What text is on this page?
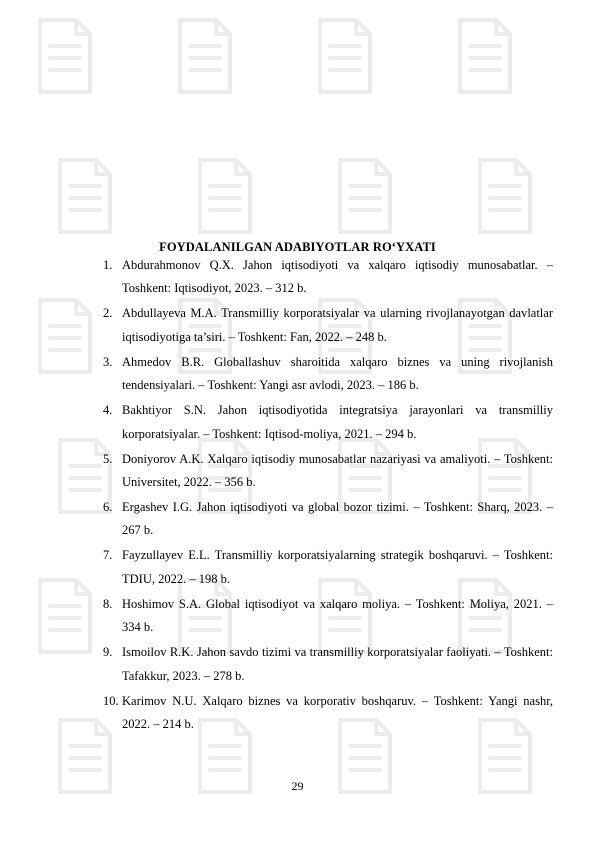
FOYDALANILGAN ADABIYOTLAR RO‘YXATI
1. Abdurahmonov Q.X. Jahon iqtisodiyoti va xalqaro iqtisodiy munosabatlar. – Toshkent: Iqtisodiyot, 2023. – 312 b.
2. Abdullayeva M.A. Transmilliy korporatsiyalar va ularning rivojlanayotgan davlatlar iqtisodiyotiga ta’siri. – Toshkent: Fan, 2022. – 248 b.
3. Ahmedov B.R. Globallashuv sharoitida xalqaro biznes va uning rivojlanish tendensiyalari. – Toshkent: Yangi asr avlodi, 2023. – 186 b.
4. Bakhtiyor S.N. Jahon iqtisodiyotida integratsiya jarayonlari va transmilliy korporatsiyalar. – Toshkent: Iqtisod-moliya, 2021. – 294 b.
5. Doniyorov A.K. Xalqaro iqtisodiy munosabatlar nazariyasi va amaliyoti. – Toshkent: Universitet, 2022. – 356 b.
6. Ergashev I.G. Jahon iqtisodiyoti va global bozor tizimi. – Toshkent: Sharq, 2023. – 267 b.
7. Fayzullayev E.L. Transmilliy korporatsiyalarning strategik boshqaruvi. – Toshkent: TDIU, 2022. – 198 b.
8. Hoshimov S.A. Global iqtisodiyot va xalqaro moliya. – Toshkent: Moliya, 2021. – 334 b.
9. Ismoilov R.K. Jahon savdo tizimi va transmilliy korporatsiyalar faoliyati. – Toshkent: Tafakkur, 2023. – 278 b.
10. Karimov N.U. Xalqaro biznes va korporativ boshqaruv. – Toshkent: Yangi nashr, 2022. – 214 b.
29
